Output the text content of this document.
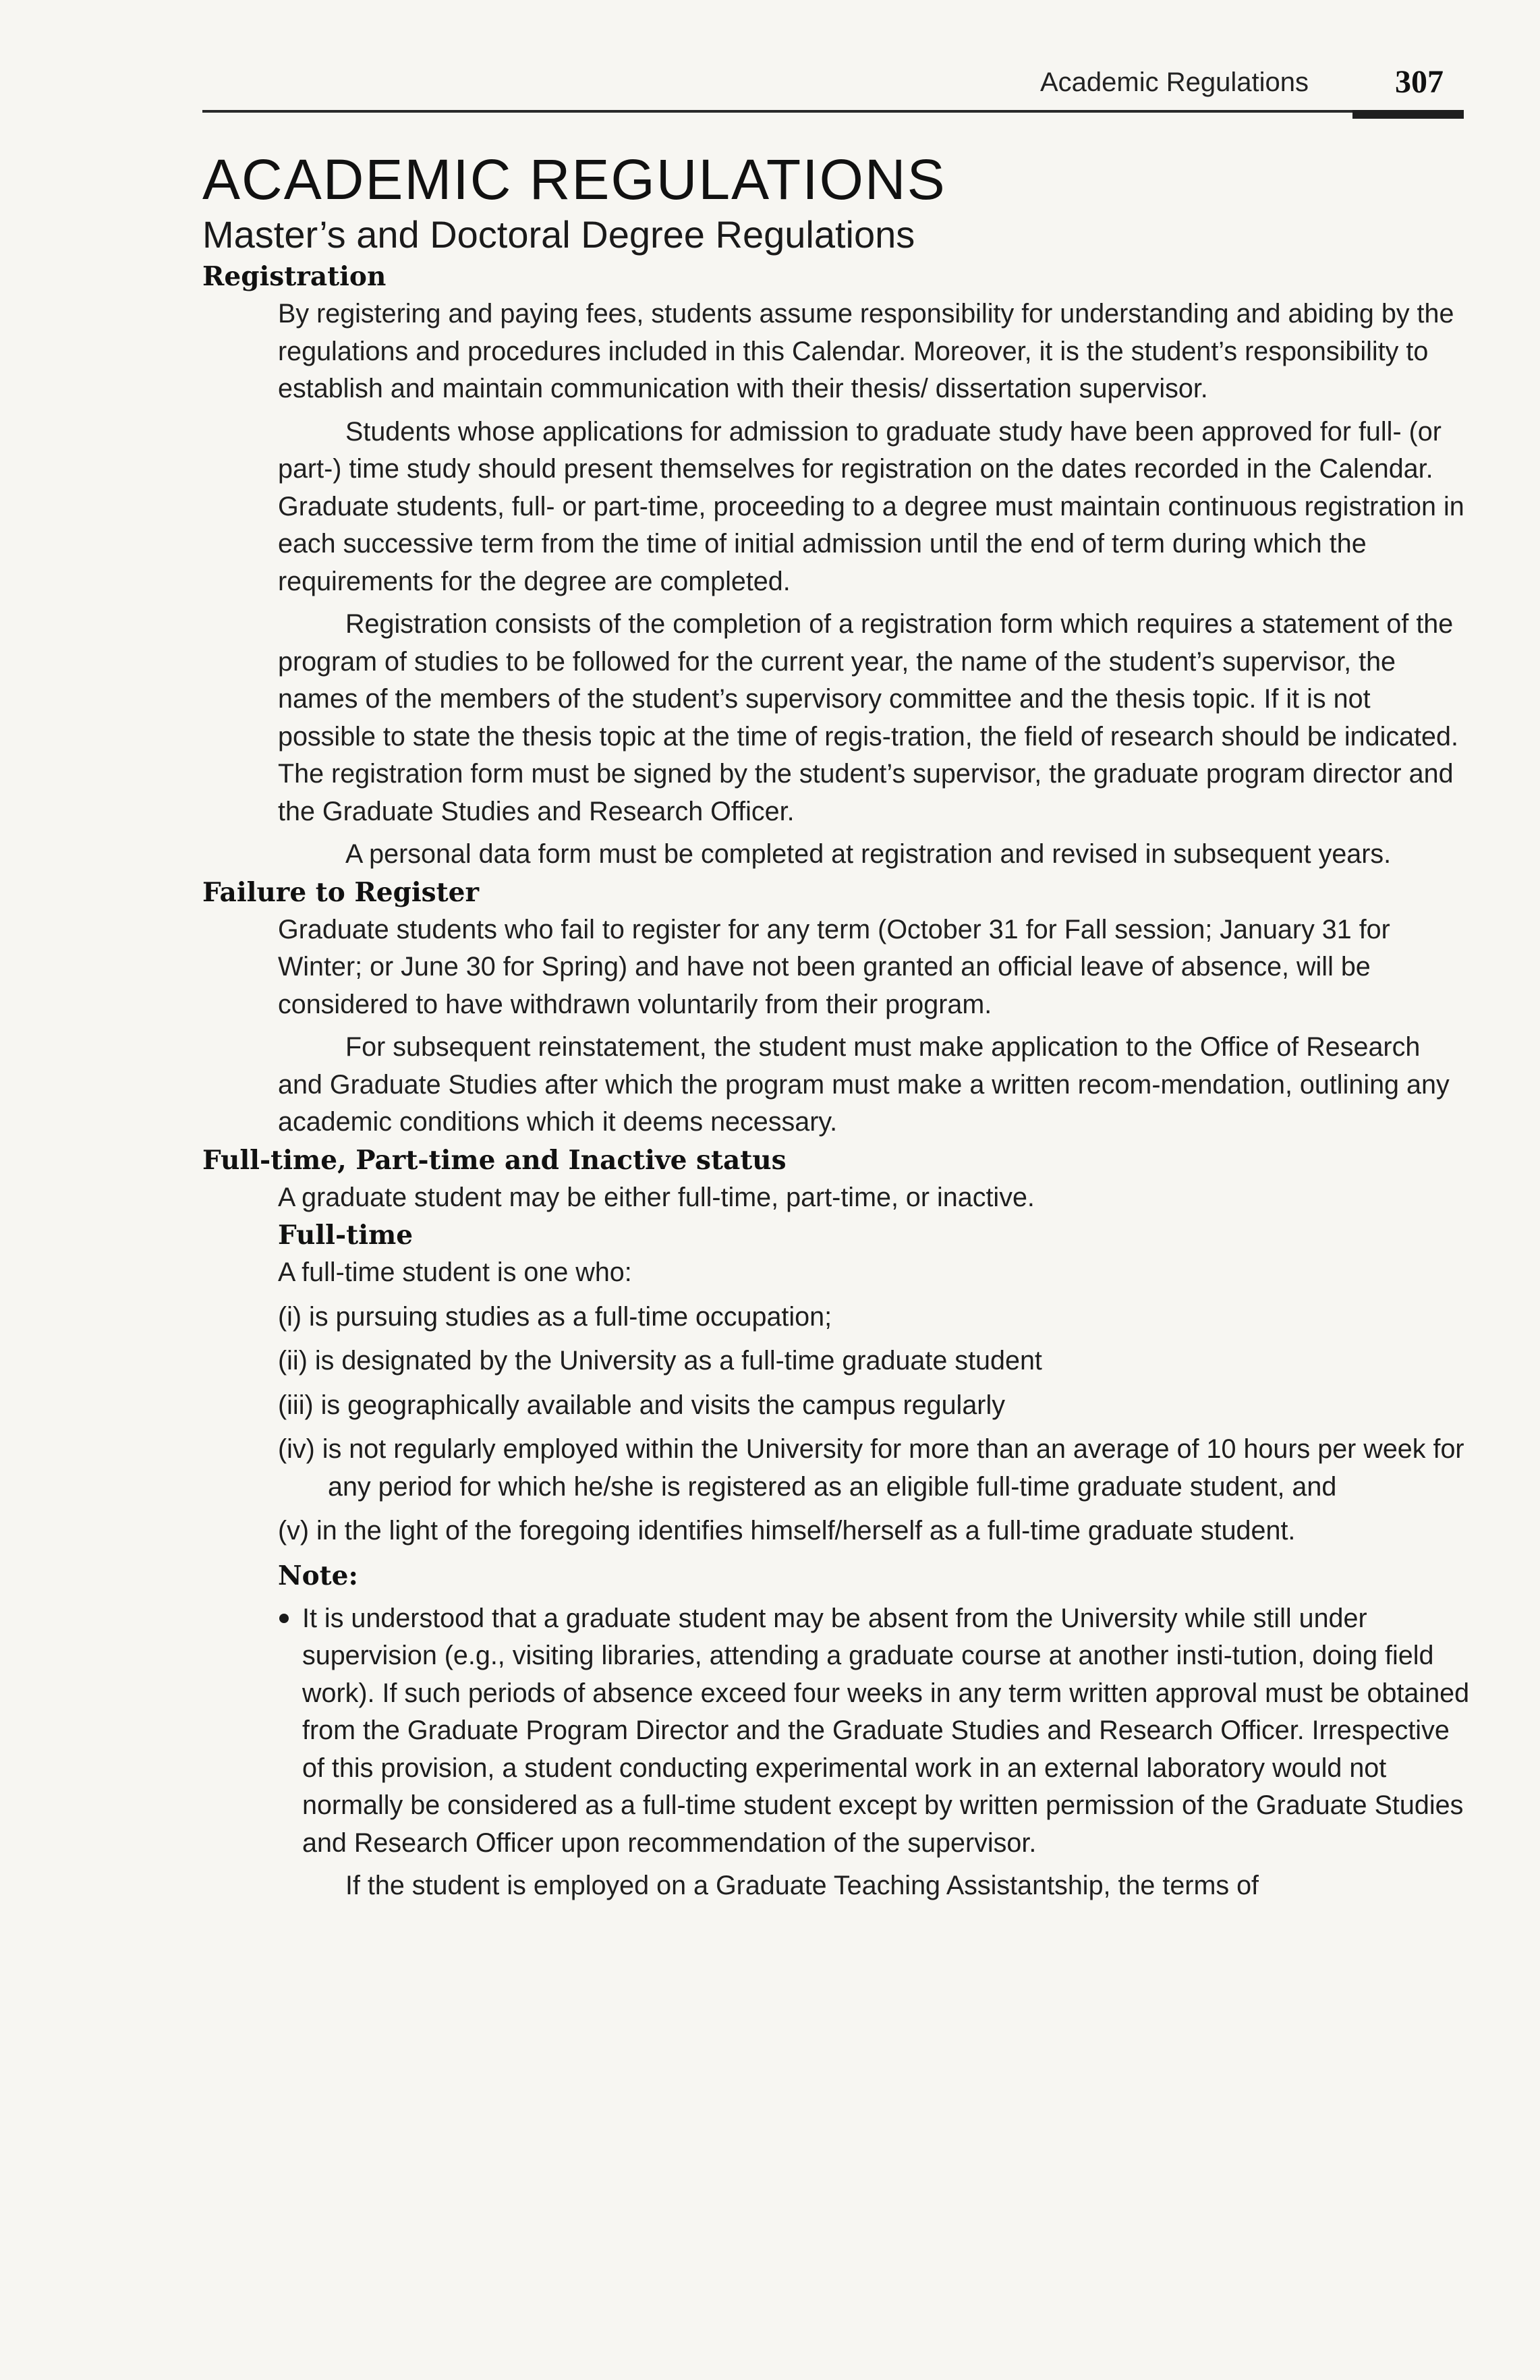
Academic Regulations	307
ACADEMIC REGULATIONS
Master’s and Doctoral Degree Regulations
Registration

By registering and paying fees, students assume responsibility for understanding and abiding by the regulations and procedures included in this Calendar. Moreover, it is the student’s responsibility to establish and maintain communication with their thesis/ dissertation supervisor.

Students whose applications for admission to graduate study have been approved for full- (or part-) time study should present themselves for registration on the dates recorded in the Calendar. Graduate students, full- or part-time, proceeding to a degree must maintain continuous registration in each successive term from the time of initial admission until the end of term during which the requirements for the degree are completed.

Registration consists of the completion of a registration form which requires a statement of the program of studies to be followed for the current year, the name of the student’s supervisor, the names of the members of the student’s supervisory committee and the thesis topic. If it is not possible to state the thesis topic at the time of regis-tration, the field of research should be indicated. The registration form must be signed by the student’s supervisor, the graduate program director and the Graduate Studies and Research Officer.

A personal data form must be completed at registration and revised in subsequent years.

Failure to Register

Graduate students who fail to register for any term (October 31 for Fall session; January 31 for Winter; or June 30 for Spring) and have not been granted an official leave of absence, will be considered to have withdrawn voluntarily from their program.

For subsequent reinstatement, the student must make application to the Office of Research and Graduate Studies after which the program must make a written recom-mendation, outlining any academic conditions which it deems necessary.

Full-time, Part-time and Inactive status

A graduate student may be either full-time, part-time, or inactive.

Full-time

A full-time student is one who:

(i) is pursuing studies as a full-time occupation;
(ii) is designated by the University as a full-time graduate student
(iii) is geographically available and visits the campus regularly
(iv) is not regularly employed within the University for more than an average of 10 hours per week for any period for which he/she is registered as an eligible full-time graduate student, and
(v) in the light of the foregoing identifies himself/herself as a full-time graduate student.
Note:
It is understood that a graduate student may be absent from the University while still under supervision (e.g., visiting libraries, attending a graduate course at another insti-tution, doing field work). If such periods of absence exceed four weeks in any term written approval must be obtained from the Graduate Program Director and the Graduate Studies and Research Officer. Irrespective of this provision, a student conducting experimental work in an external laboratory would not normally be considered as a full-time student except by written permission of the Graduate Studies and Research Officer upon recommendation of the supervisor.

If the student is employed on a Graduate Teaching Assistantship, the terms of
